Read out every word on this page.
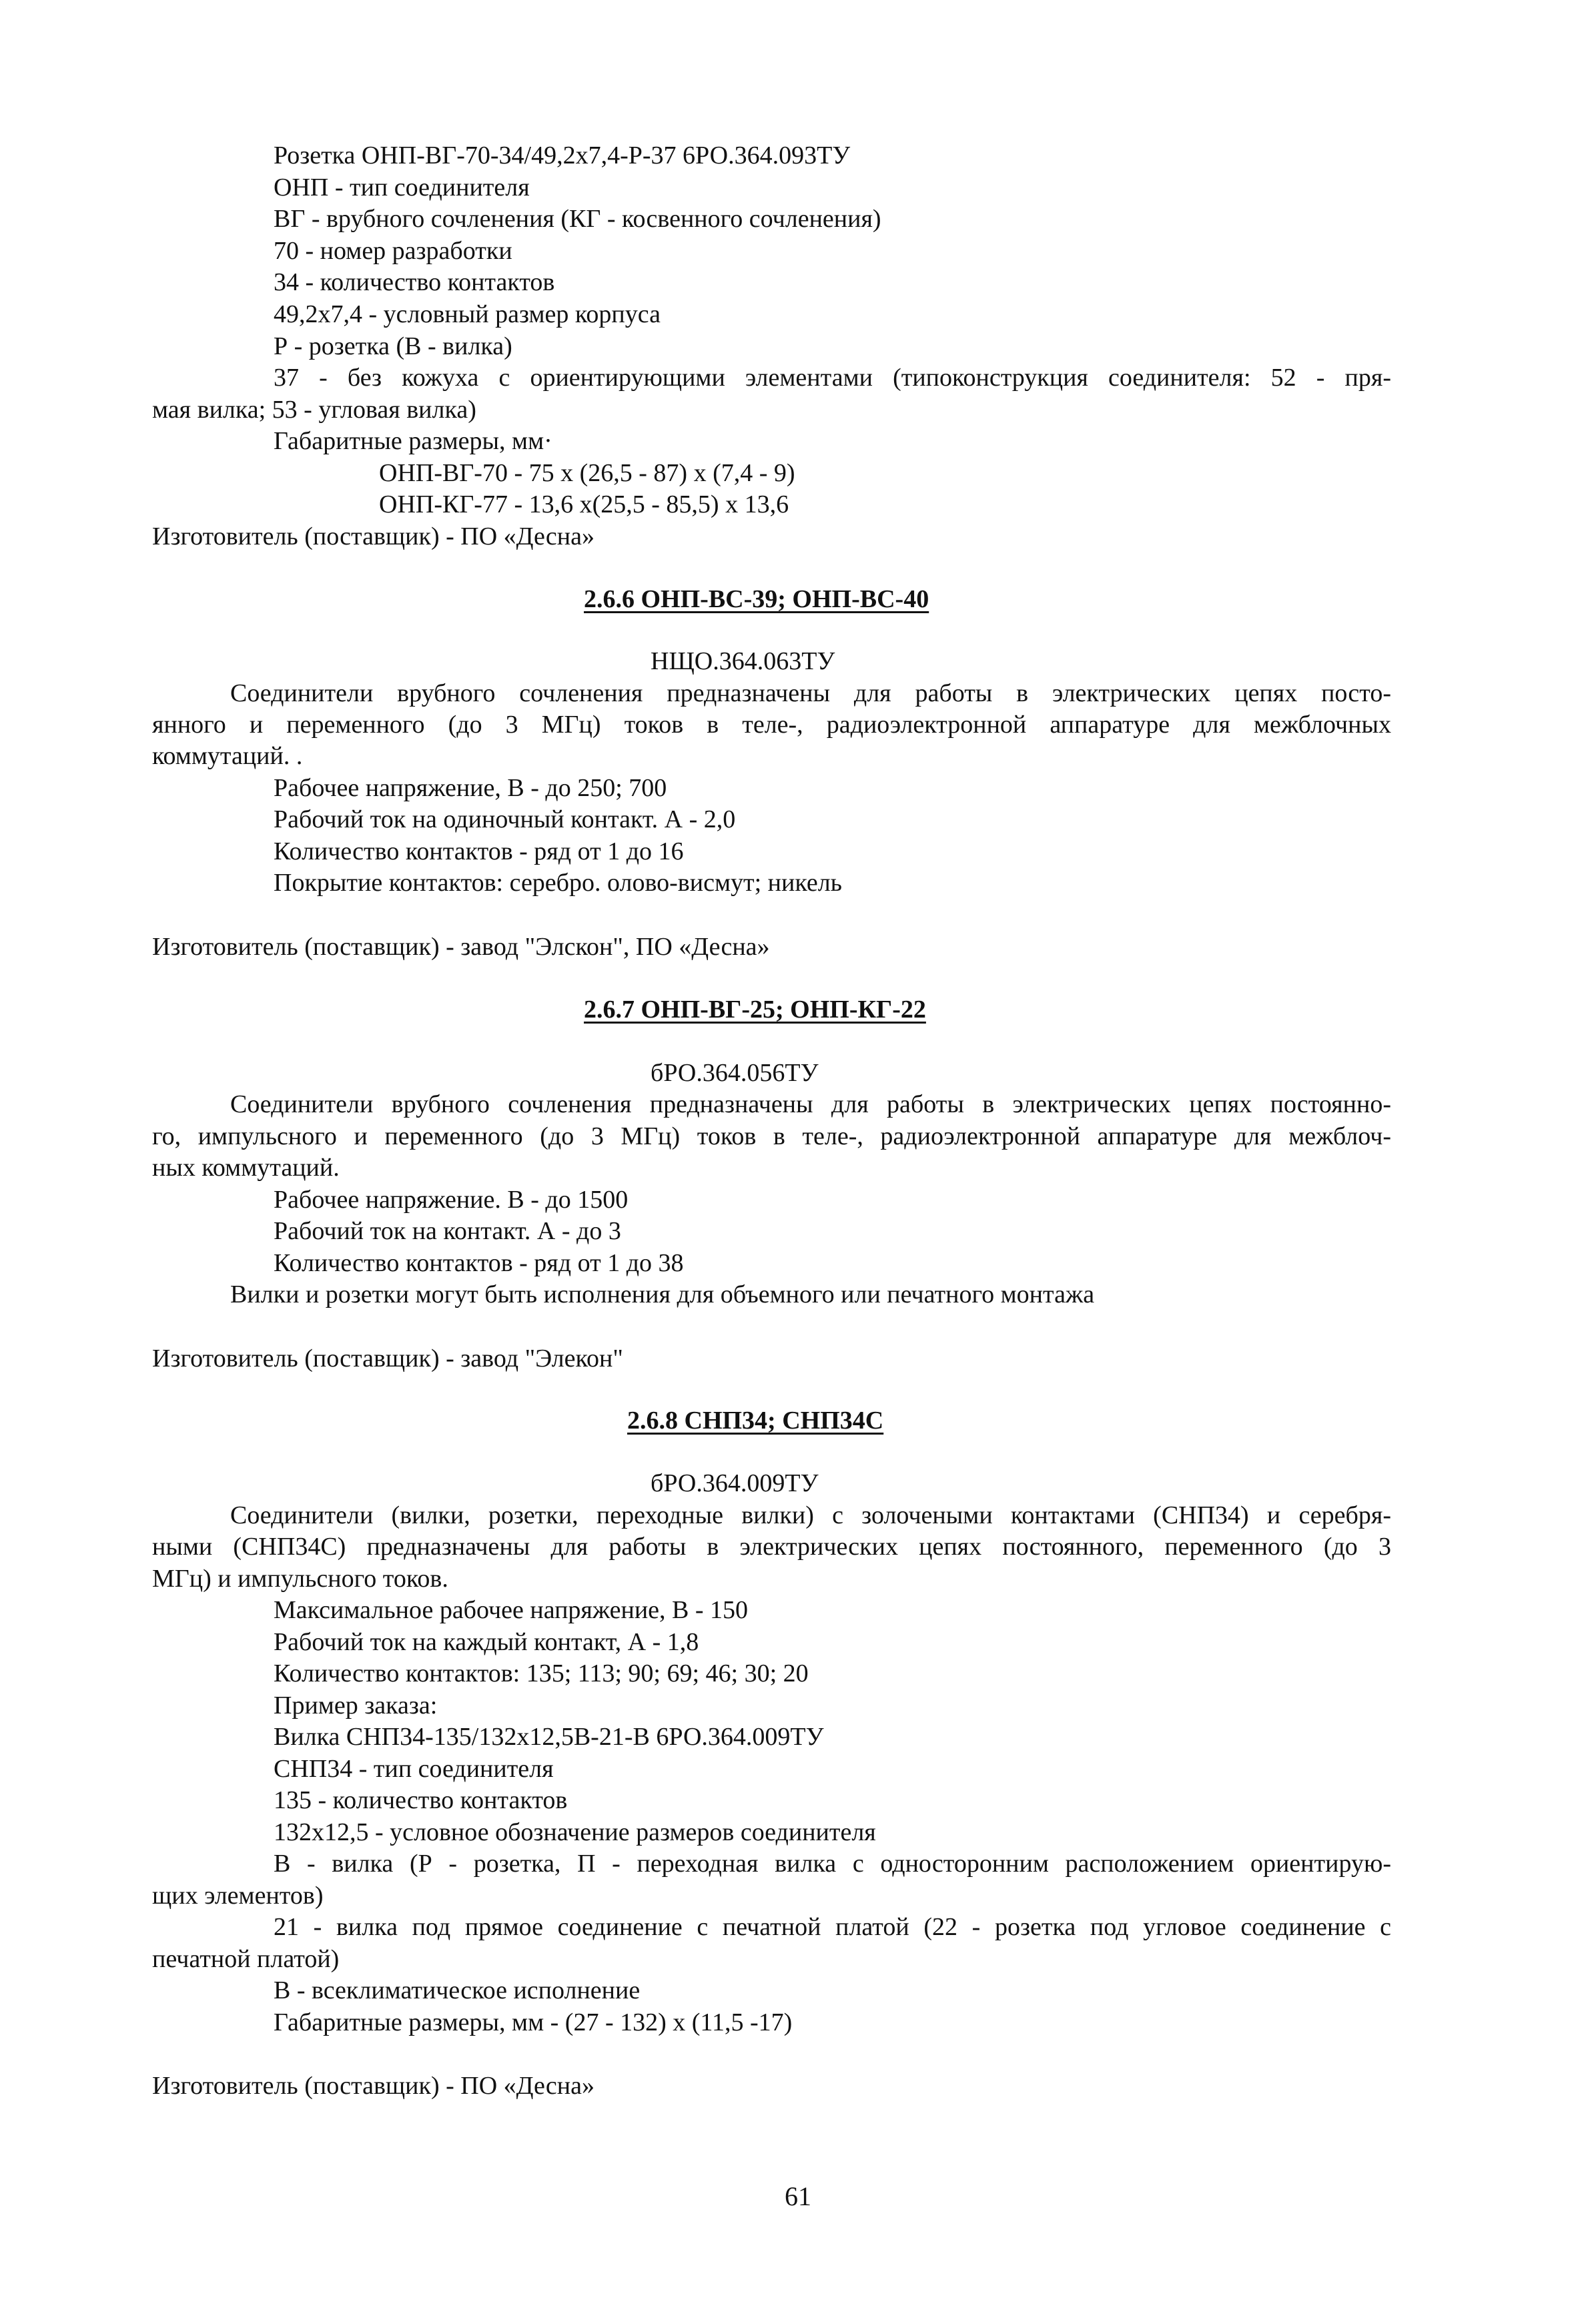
Розетка ОНП-ВГ-70-34/49,2х7,4-Р-37 6РО.364.093ТУ
ОНП - тип соединителя
ВГ - врубного сочленения (КГ - косвенного сочленения)
70 - номер разработки
34 - количество контактов
49,2х7,4 - условный размер корпуса
Р - розетка (В - вилка)
37 - без кожуха с ориентирующими элементами (типоконструкция соединителя: 52 - пря-
мая вилка; 53 - угловая вилка)
Габаритные размеры, мм·
ОНП-ВГ-70 - 75 х (26,5 - 87) х (7,4 - 9)
ОНП-КГ-77 - 13,6 х(25,5 - 85,5) х 13,6
Изготовитель (поставщик) - ПО «Десна»
2.6.6 ОНП-ВС-39; ОНП-ВС-40
НЩО.364.063ТУ
Соединители врубного сочленения предназначены для работы в электрических цепях посто-
янного и переменного (до 3 МГц) токов в теле-, радиоэлектронной аппаратуре для межблочных
коммутаций. .
Рабочее напряжение, В - до 250; 700
Рабочий ток на одиночный контакт. А - 2,0
Количество контактов - ряд от 1 до 16
Покрытие контактов: серебро. олово-висмут; никель
Изготовитель (поставщик) - завод "Элскон", ПО «Десна»
2.6.7 ОНП-ВГ-25; ОНП-КГ-22
бРО.364.056ТУ
Соединители врубного сочленения предназначены для работы в электрических цепях постоянно-
го, импульсного и переменного (до 3 МГц) токов в теле-, радиоэлектронной аппаратуре для межблоч-
ных коммутаций.
Рабочее напряжение. В - до 1500
Рабочий ток на контакт. А - до 3
Количество контактов - ряд от 1 до 38
Вилки и розетки могут быть исполнения для объемного или печатного монтажа
Изготовитель (поставщик) - завод "Элекон"
2.6.8 СНП34; СНП34С
бРО.364.009ТУ
Соединители (вилки, розетки, переходные вилки) с золочеными контактами (СНП34) и серебря-
ными (СНП34С) предназначены для работы в электрических цепях постоянного, переменного (до 3
МГц) и импульсного токов.
Максимальное рабочее напряжение, В - 150
Рабочий ток на каждый контакт, А - 1,8
Количество контактов: 135; 113; 90; 69; 46; 30; 20
Пример заказа:
Вилка СНП34-135/132х12,5В-21-В 6РО.364.009ТУ
СНП34 - тип соединителя
135 - количество контактов
132х12,5 - условное обозначение размеров соединителя
В - вилка (Р - розетка, П - переходная вилка с односторонним расположением ориентирую-
щих элементов)
21 - вилка под прямое соединение с печатной платой (22 - розетка под угловое соединение с
печатной платой)
В - всеклиматическое исполнение
Габаритные размеры, мм - (27 - 132) х (11,5 -17)
Изготовитель (поставщик) - ПО «Десна»
61
